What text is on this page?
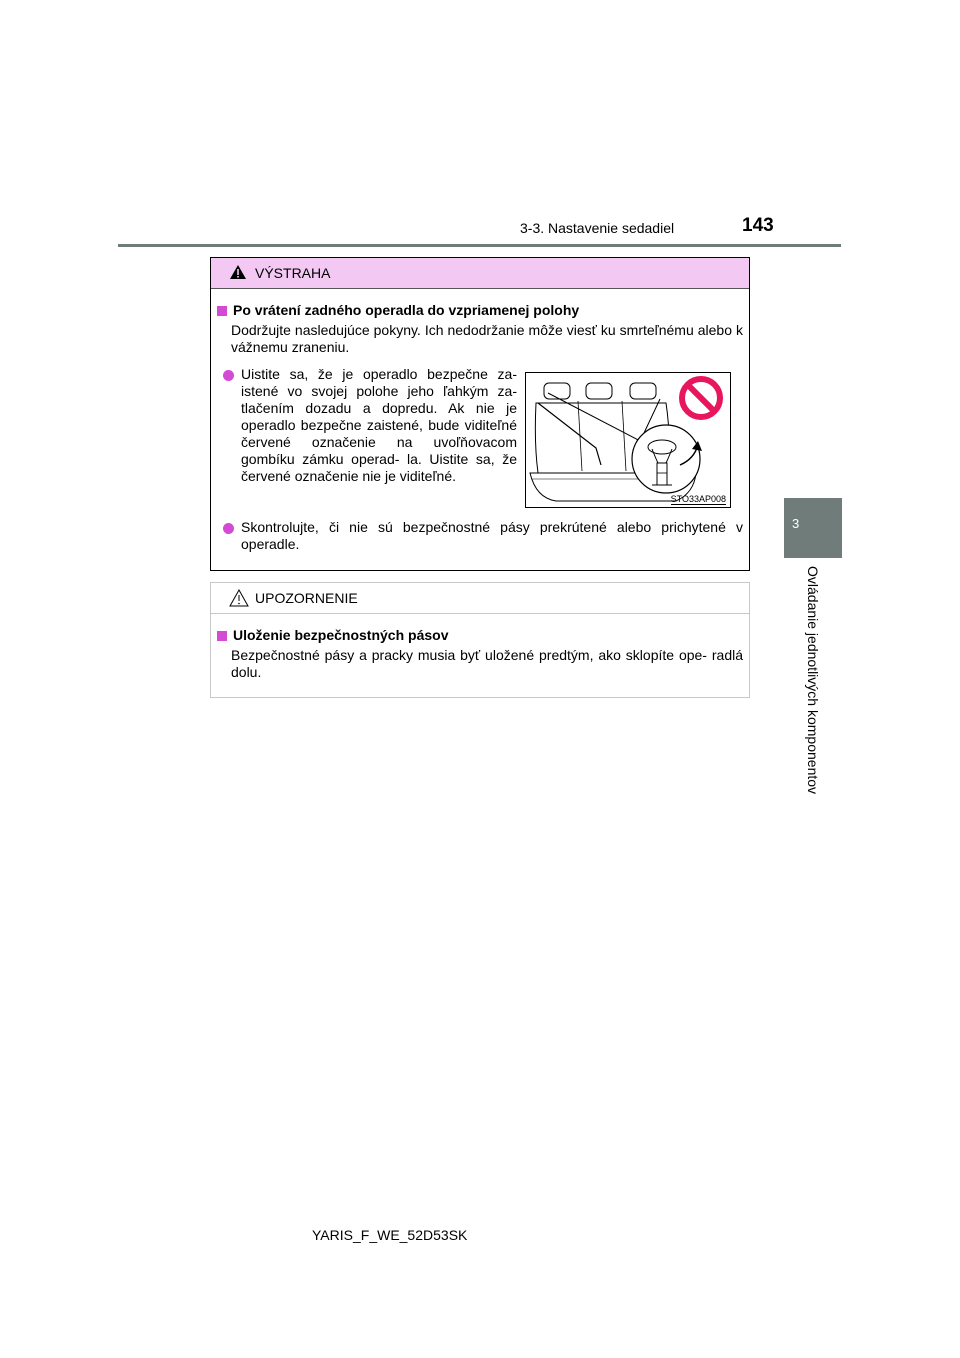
3-3. Nastavenie sedadiel	143
3
Ovládanie jednotlivých komponentov
VÝSTRAHA
Po vrátení zadného operadla do vzpriamenej polohy
Dodržujte nasledujúce pokyny. Ich nedodržanie môže viesť ku smrteľnému alebo k vážnemu zraneniu.
Uistite sa, že je operadlo bezpečne za- istené vo svojej polohe jeho ľahkým za- tlačením dozadu a dopredu. Ak nie je operadlo bezpečne zaistené, bude viditeľné červené označenie na uvoľňovacom gombíku zámku operad- la. Uistite sa, že červené označenie nie je viditeľné.
Skontrolujte, či nie sú bezpečnostné pásy prekrútené alebo prichytené v operadle.
STO33AP008
UPOZORNENIE
Uloženie bezpečnostných pásov
Bezpečnostné pásy a pracky musia byť uložené predtým, ako sklopíte ope- radlá dolu.
YARIS_F_WE_52D53SK
